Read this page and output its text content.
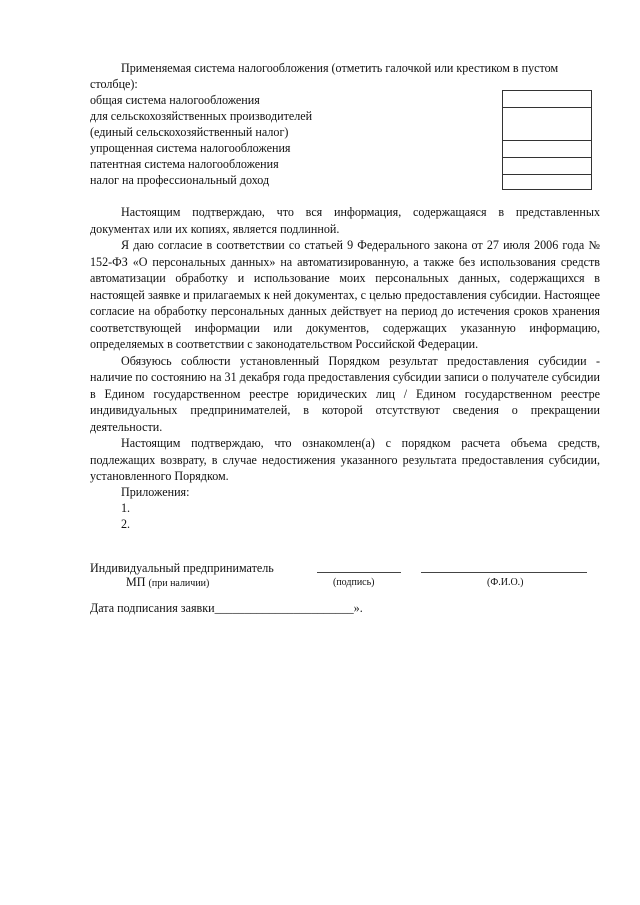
Применяемая система налогообложения (отметить галочкой или крестиком в пустом
столбце):
общая система налогообложения
для сельскохозяйственных производителей
(единый сельскохозяйственный налог)
упрощенная система налогообложения
патентная система налогообложения
налог на профессиональный доход

Настоящим подтверждаю, что вся информация, содержащаяся в представленных документах или их копиях, является подлинной.

Я даю согласие в соответствии со статьей 9 Федерального закона от 27 июля 2006 года № 152-ФЗ «О персональных данных» на автоматизированную, а также без использования средств автоматизации обработку и использование моих персональных данных, содержащихся в настоящей заявке и прилагаемых к ней документах, с целью предоставления субсидии. Настоящее согласие на обработку персональных данных действует на период до истечения сроков хранения соответствующей информации или документов, содержащих указанную информацию, определяемых в соответствии с законодательством Российской Федерации.

Обязуюсь соблюсти установленный Порядком результат предоставления субсидии - наличие по состоянию на 31 декабря года предоставления субсидии записи о получателе субсидии в Едином государственном реестре юридических лиц / Едином государственном реестре индивидуальных предпринимателей, в которой отсутствуют сведения о прекращении деятельности.

Настоящим подтверждаю, что ознакомлен(а) с порядком расчета объема средств, подлежащих возврату, в случае недостижения указанного результата предоставления субсидии, установленного Порядком.

Приложения:
1.
2.
Индивидуальный предприниматель
МП (при наличии)	(подпись)	(Ф.И.О.)
Дата подписания заявки_______________________».
